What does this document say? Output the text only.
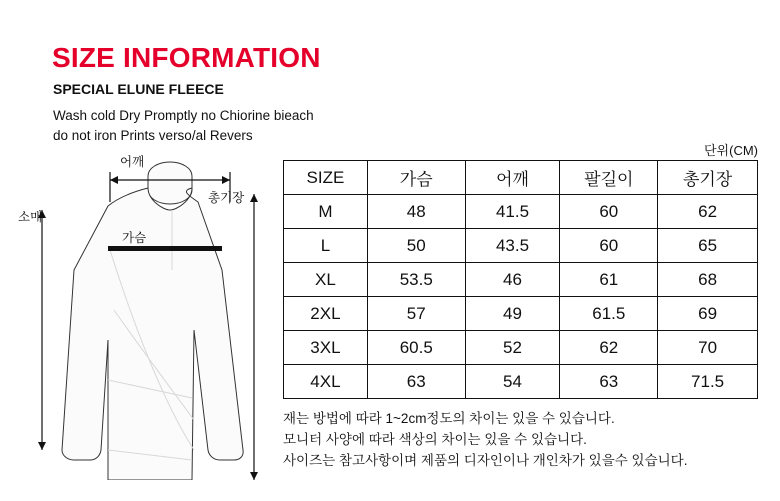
SIZE INFORMATION
SPECIAL ELUNE FLEECE
Wash cold Dry Promptly no Chiorine bieach
do not iron Prints verso/al Revers
단위(CM)
어깨
소매
총기장
가슴
SIZE	가슴	어깨	팔길이	총기장
M	48	41.5	60	62
L	50	43.5	60	65
XL	53.5	46	61	68
2XL	57	49	61.5	69
3XL	60.5	52	62	70
4XL	63	54	63	71.5
재는 방법에 따라 1~2cm정도의 차이는 있을 수 있습니다.
모니터 사양에 따라 색상의 차이는 있을 수 있습니다.
사이즈는 참고사항이며 제품의 디자인이나 개인차가 있을수 있습니다.
